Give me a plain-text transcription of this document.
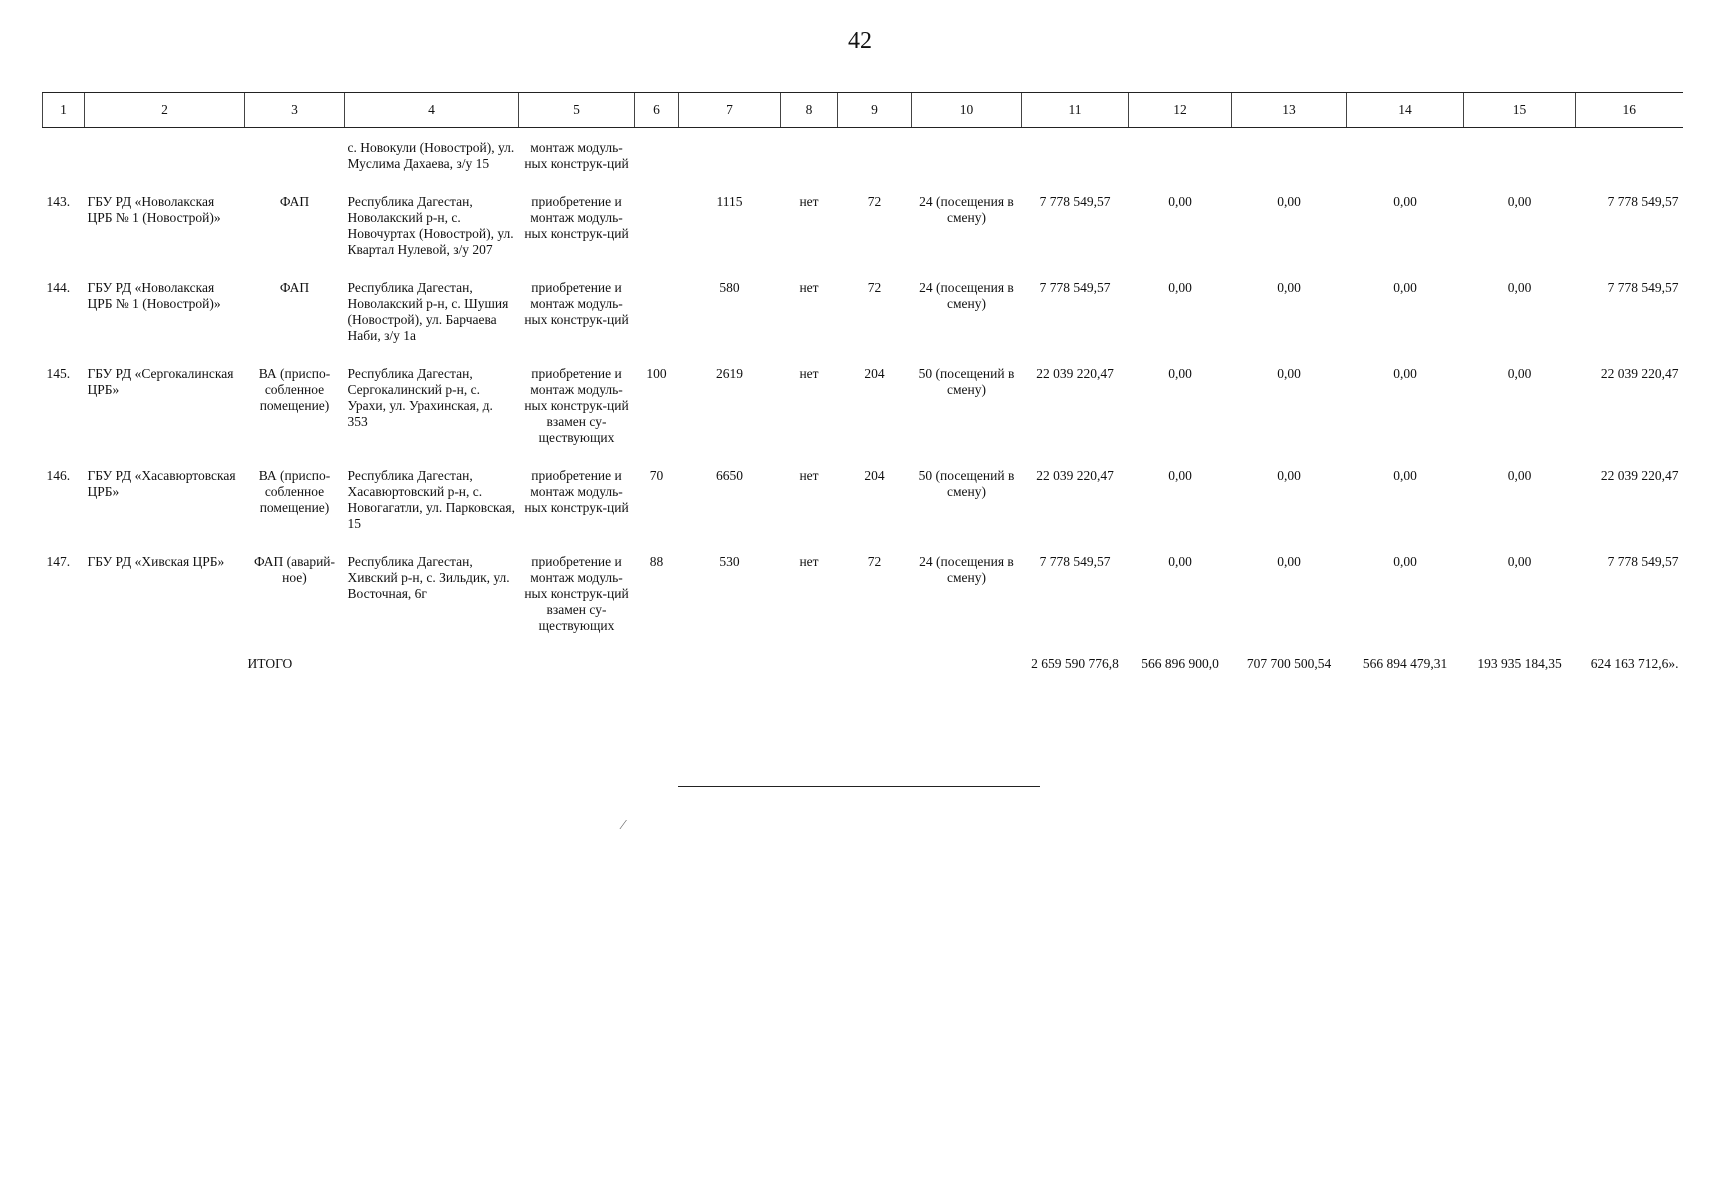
42
1	2	3	4	5	6	7	8	9	10	11	12	13	14	15	16
			с. Новокули (Новострой), ул. Муслима Дахаева, з/у 15	монтаж модуль-ных конструк-ций											
143.	ГБУ РД «Новолакская ЦРБ № 1 (Новострой)»	ФАП	Республика Дагестан, Новолакский р-н, с. Новочуртах (Новострой), ул. Квартал Нулевой, з/у 207	приобретение и монтаж модуль-ных конструк-ций		1115	нет	72	24 (посещения в смену)	7 778 549,57	0,00	0,00	0,00	0,00	7 778 549,57
144.	ГБУ РД «Новолакская ЦРБ № 1 (Новострой)»	ФАП	Республика Дагестан, Новолакский р-н, с. Шушия (Новострой), ул. Барчаева Наби, з/у 1а	приобретение и монтаж модуль-ных конструк-ций		580	нет	72	24 (посещения в смену)	7 778 549,57	0,00	0,00	0,00	0,00	7 778 549,57
145.	ГБУ РД «Сергокалинская ЦРБ»	ВА (приспо-собленное помещение)	Республика Дагестан, Сергокалинский р-н, с. Урахи, ул. Урахинская, д. 353	приобретение и монтаж модуль-ных конструк-ций взамен су-ществующих	100	2619	нет	204	50 (посещений в смену)	22 039 220,47	0,00	0,00	0,00	0,00	22 039 220,47
146.	ГБУ РД «Хасавюртовская ЦРБ»	ВА (приспо-собленное помещение)	Республика Дагестан, Хасавюртовский р-н, с. Новогагатли, ул. Парковская, 15	приобретение и монтаж модуль-ных конструк-ций	70	6650	нет	204	50 (посещений в смену)	22 039 220,47	0,00	0,00	0,00	0,00	22 039 220,47
147.	ГБУ РД «Хивская ЦРБ»	ФАП (аварий-ное)	Республика Дагестан, Хивский р-н, с. Зильдик, ул. Восточная, 6г	приобретение и монтаж модуль-ных конструк-ций взамен су-ществующих	88	530	нет	72	24 (посещения в смену)	7 778 549,57	0,00	0,00	0,00	0,00	7 778 549,57
		ИТОГО								2 659 590 776,8	566 896 900,0	707 700 500,54	566 894 479,31	193 935 184,35	624 163 712,6».
⁄
